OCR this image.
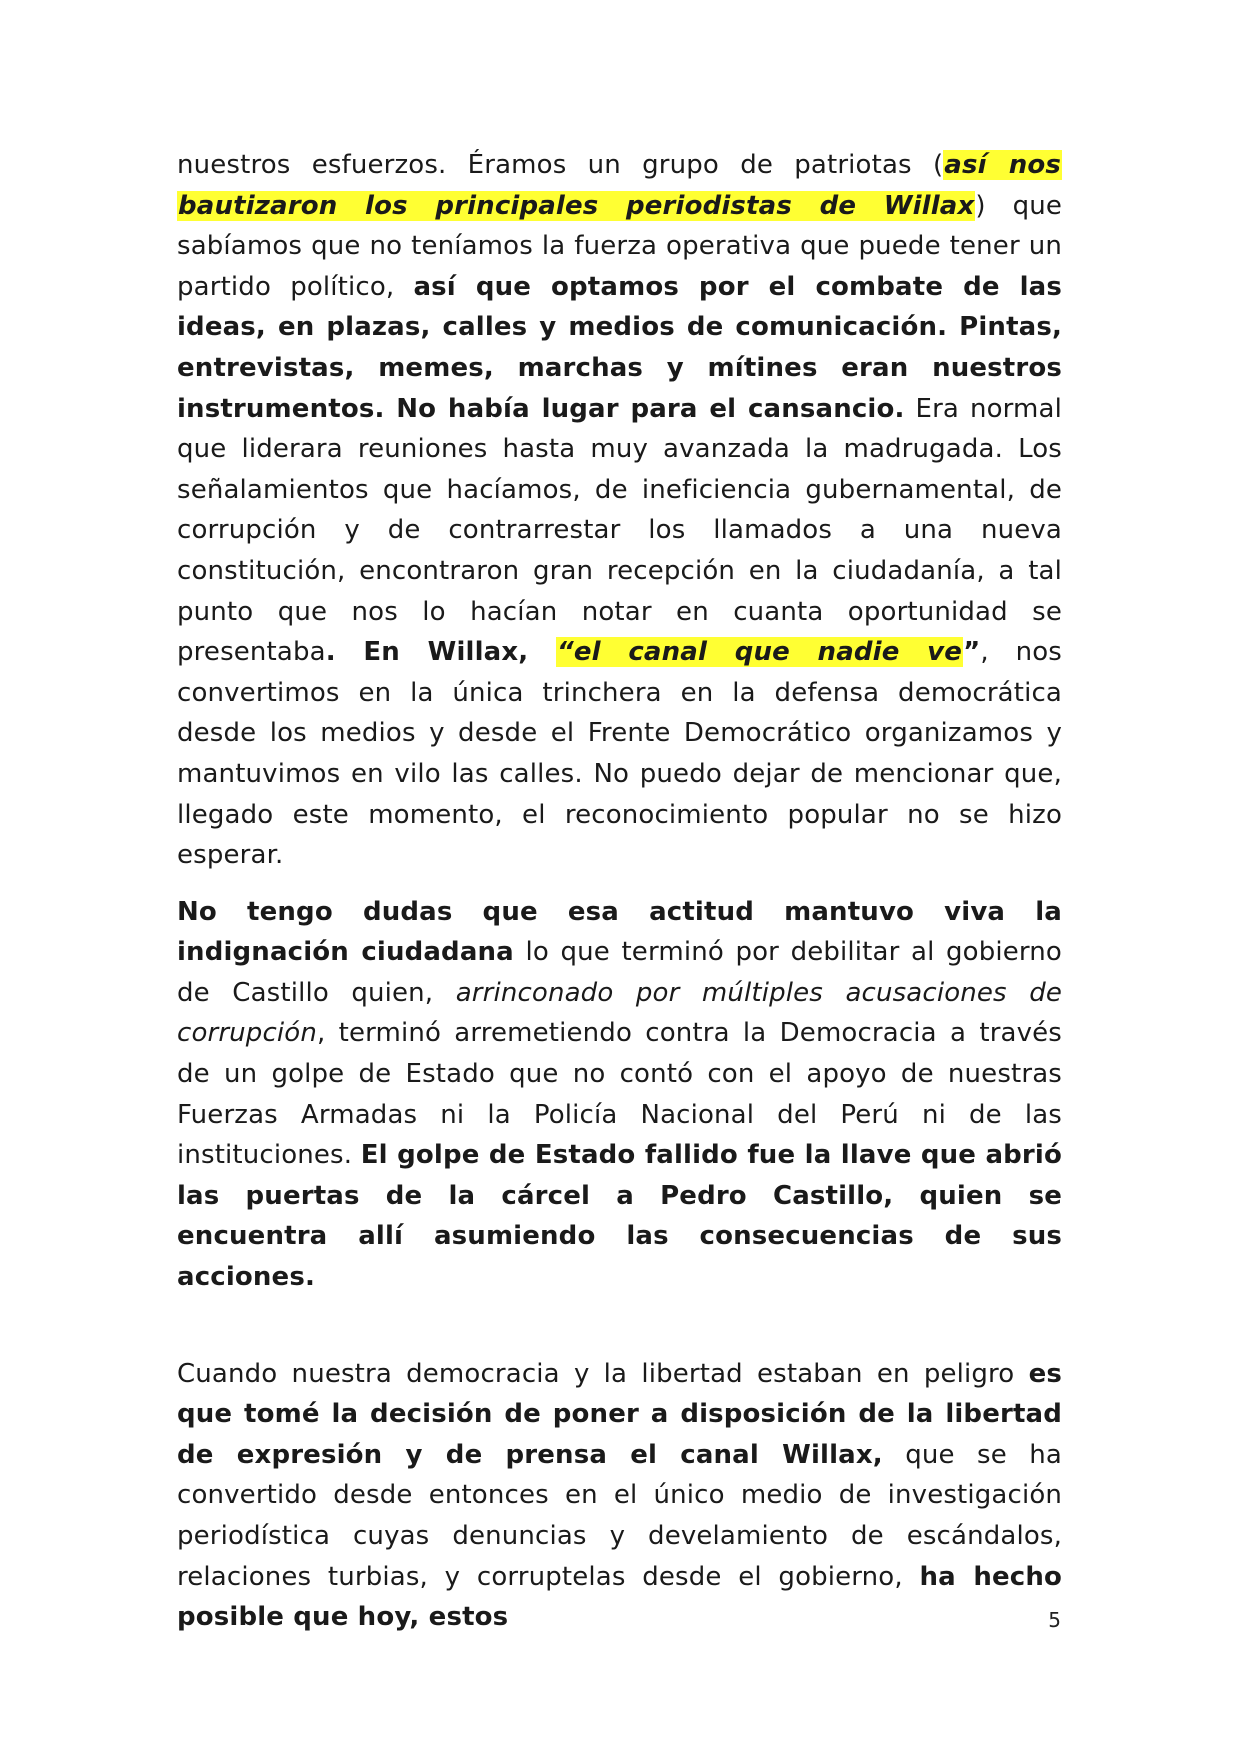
nuestros esfuerzos. Éramos un grupo de patriotas (así nos bautizaron los principales periodistas de Willax) que sabíamos que no teníamos la fuerza operativa que puede tener un partido político, así que optamos por el combate de las ideas, en plazas, calles y medios de comunicación. Pintas, entrevistas, memes, marchas y mítines eran nuestros instrumentos. No había lugar para el cansancio. Era normal que liderara reuniones hasta muy avanzada la madrugada. Los señalamientos que hacíamos, de ineficiencia gubernamental, de corrupción y de contrarrestar los llamados a una nueva constitución, encontraron gran recepción en la ciudadanía, a tal punto que nos lo hacían notar en cuanta oportunidad se presentaba. En Willax, “el canal que nadie ve”, nos convertimos en la única trinchera en la defensa democrática desde los medios y desde el Frente Democrático organizamos y mantuvimos en vilo las calles. No puedo dejar de mencionar que, llegado este momento, el reconocimiento popular no se hizo esperar.

No tengo dudas que esa actitud mantuvo viva la indignación ciudadana lo que terminó por debilitar al gobierno de Castillo quien, arrinconado por múltiples acusaciones de corrupción, terminó arremetiendo contra la Democracia a través de un golpe de Estado que no contó con el apoyo de nuestras Fuerzas Armadas ni la Policía Nacional del Perú ni de las instituciones. El golpe de Estado fallido fue la llave que abrió las puertas de la cárcel a Pedro Castillo, quien se encuentra allí asumiendo las consecuencias de sus acciones.

Cuando nuestra democracia y la libertad estaban en peligro es que tomé la decisión de poner a disposición de la libertad de expresión y de prensa el canal Willax, que se ha convertido desde entonces en el único medio de investigación periodística cuyas denuncias y develamiento de escándalos, relaciones turbias, y corruptelas desde el gobierno, ha hecho posible que hoy, estos	5
